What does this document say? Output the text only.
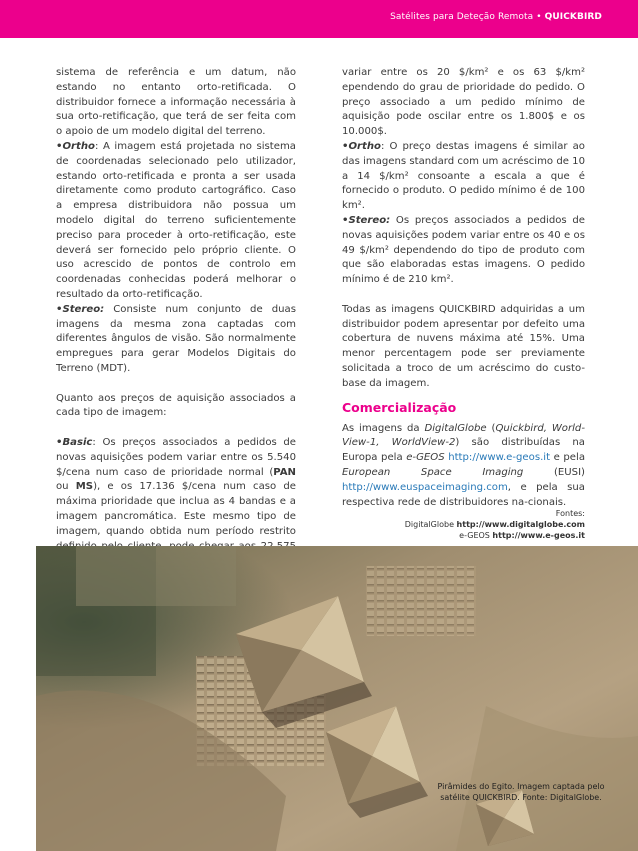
Satélites para Deteção Remota • QUICKBIRD

sistema de referência e um datum, não estando no entanto orto-retificada. O distribuidor fornece a informação necessária à sua orto-retificação, que terá de ser feita com o apoio de um modelo digital del terreno.

•Ortho: A imagem está projetada no sistema de coordenadas selecionado pelo utilizador, estando orto-retificada e pronta a ser usada diretamente como produto cartográfico. Caso a empresa distribuidora não possua um modelo digital do terreno suficientemente preciso para proceder à orto-retificação, este deverá ser fornecido pelo próprio cliente. O uso acrescido de pontos de controlo em coordenadas conhecidas poderá melhorar o resultado da orto-retificação.

•Stereo: Consiste num conjunto de duas imagens da mesma zona captadas com diferentes ângulos de visão. São normalmente empregues para gerar Modelos Digitais do Terreno (MDT).

Quanto aos preços de aquisição associados a cada tipo de imagem:

•Basic: Os preços associados a pedidos de novas aquisições podem variar entre os 5.540 $/cena num caso de prioridade normal (PAN ou MS), e os 17.136 $/cena num caso de máxima prioridade que inclua as 4 bandas e a imagem pancromática. Este mesmo tipo de imagem, quando obtida num período restrito

variar entre os 20 $/km² e os 63 $/km² ependendo do grau de prioridade do pedido. O preço associado a um pedido mínimo de aquisição pode oscilar entre os 1.800$ e os 10.000$.

•Ortho: O preço destas imagens é similar ao das imagens standard com um acréscimo de 10 a 14 $/km² consoante a escala a que é fornecido o produto. O pedido mínimo é de 100 km².

•Stereo: Os preços associados a pedidos de novas aquisições podem variar entre os 40 e os 49 $/km² dependendo do tipo de produto com que são elaboradas estas imagens. O pedido mínimo é de 210 km².

Todas as imagens QUICKBIRD adquiridas a um distribuidor podem apresentar por defeito uma cobertura de nuvens máxima até 15%. Uma menor percentagem pode ser previamente solicitada a troco de um acréscimo do custo-base da imagem.

Comercialização

As imagens da DigitalGlobe (Quickbird, World-View-1, WorldView-2) são distribuídas na Europa pela e-GEOS http://www.e-geos.it e pela European Space Imaging (EUSI) http://www.euspaceimaging.com, e pela sua respectiva rede de distribuidores na-cionais.

Fontes:
DigitalGlobe http://www.digitalglobe.com
e-GEOS http://www.e-geos.it
Pirâmides do Egito. Imagem captada pelo satélite QUICKBIRD. Fonte: DigitalGlobe.
